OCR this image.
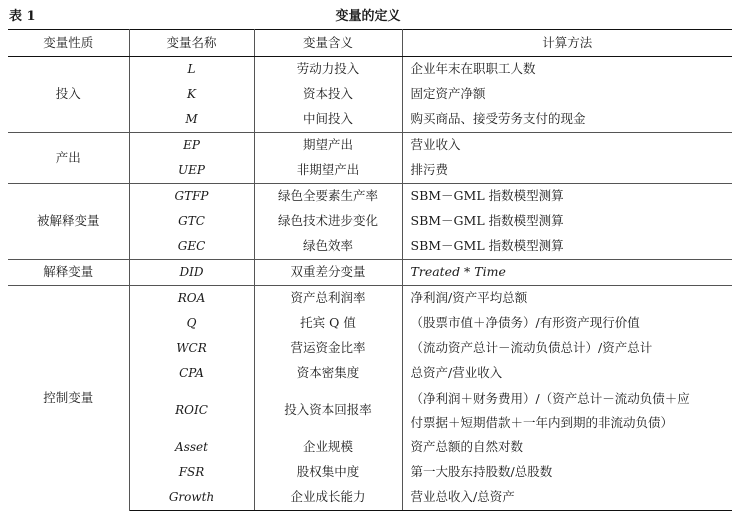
表 1	变量的定义
变量性质	变量名称	变量含义	计算方法
投入	L	劳动力投入	企业年末在职职工人数
	K	资本投入	固定资产净额
	M	中间投入	购买商品、接受劳务支付的现金
产出	EP	期望产出	营业收入
	UEP	非期望产出	排污费
被解释变量	GTFP	绿色全要素生产率	SBM－GML 指数模型测算
	GTC	绿色技术进步变化	SBM－GML 指数模型测算
	GEC	绿色效率	SBM－GML 指数模型测算
解释变量	DID	双重差分变量	Treated * Time
控制变量	ROA	资产总利润率	净利润/资产平均总额
	Q	托宾 Q 值	（股票市值＋净债务）/有形资产现行价值
	WCR	营运资金比率	（流动资产总计－流动负债总计）/资产总计
	CPA	资本密集度	总资产/营业收入
	ROIC	投入资本回报率	（净利润＋财务费用）/（资产总计－流动负债＋应
付票据＋短期借款＋一年内到期的非流动负债）

	Asset	企业规模	资产总额的自然对数
	FSR	股权集中度	第一大股东持股数/总股数
	Growth	企业成长能力	营业总收入/总资产
